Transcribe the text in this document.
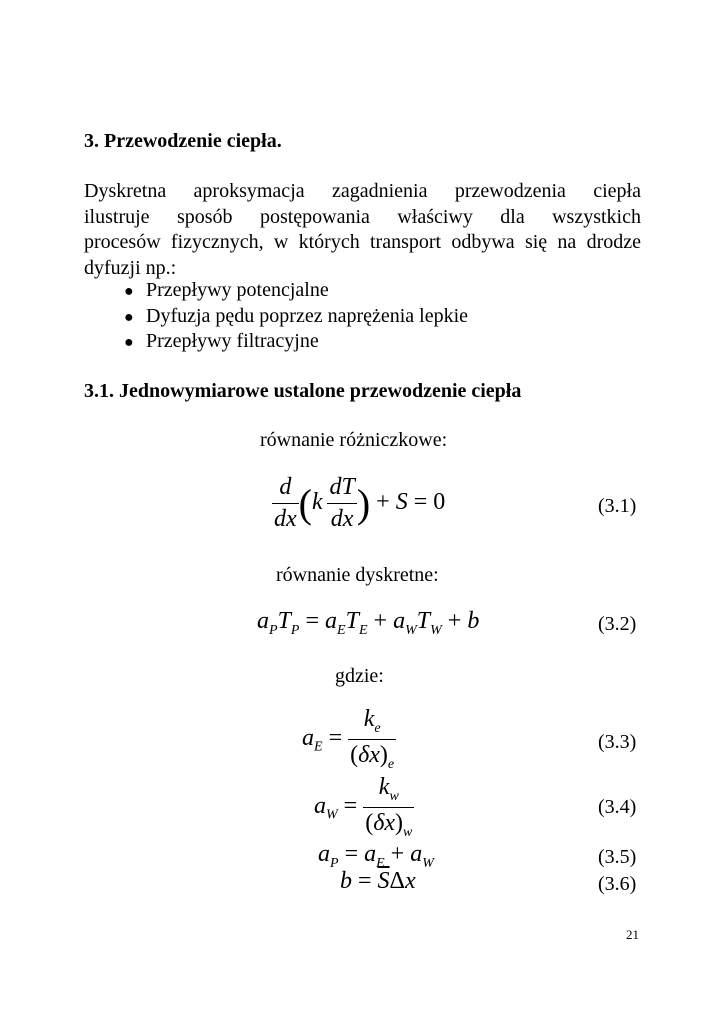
3. Przewodzenie ciepła.
Dyskretna aproksymacja zagadnienia przewodzenia ciepła
ilustruje sposób postępowania właściwy dla wszystkich
procesów fizycznych, w których transport odbywa się na drodze
dyfuzji np.:
● Przepływy potencjalne
● Dyfuzja pędu poprzez naprężenia lepkie
● Przepływy filtracyjne
3.1. Jednowymiarowe ustalone przewodzenie ciepła
równanie różniczkowe:
$\frac{d}{dx} (k \frac{dT}{dx}$ ) + S = 0	(3.1)
równanie dyskretne:
$a_PT_P = a_ET_E + a_WT_W + b$	(3.2)
gdzie:
$a_E = \frac{k_e}{(\delta x)_e}$	(3.3)
$a_W = \frac{k_w}{(\delta x)_w}$	(3.4)
$a_P = a_E + a_W$	(3.5)
$b = \overline{S}\Delta x$	(3.6)
21
